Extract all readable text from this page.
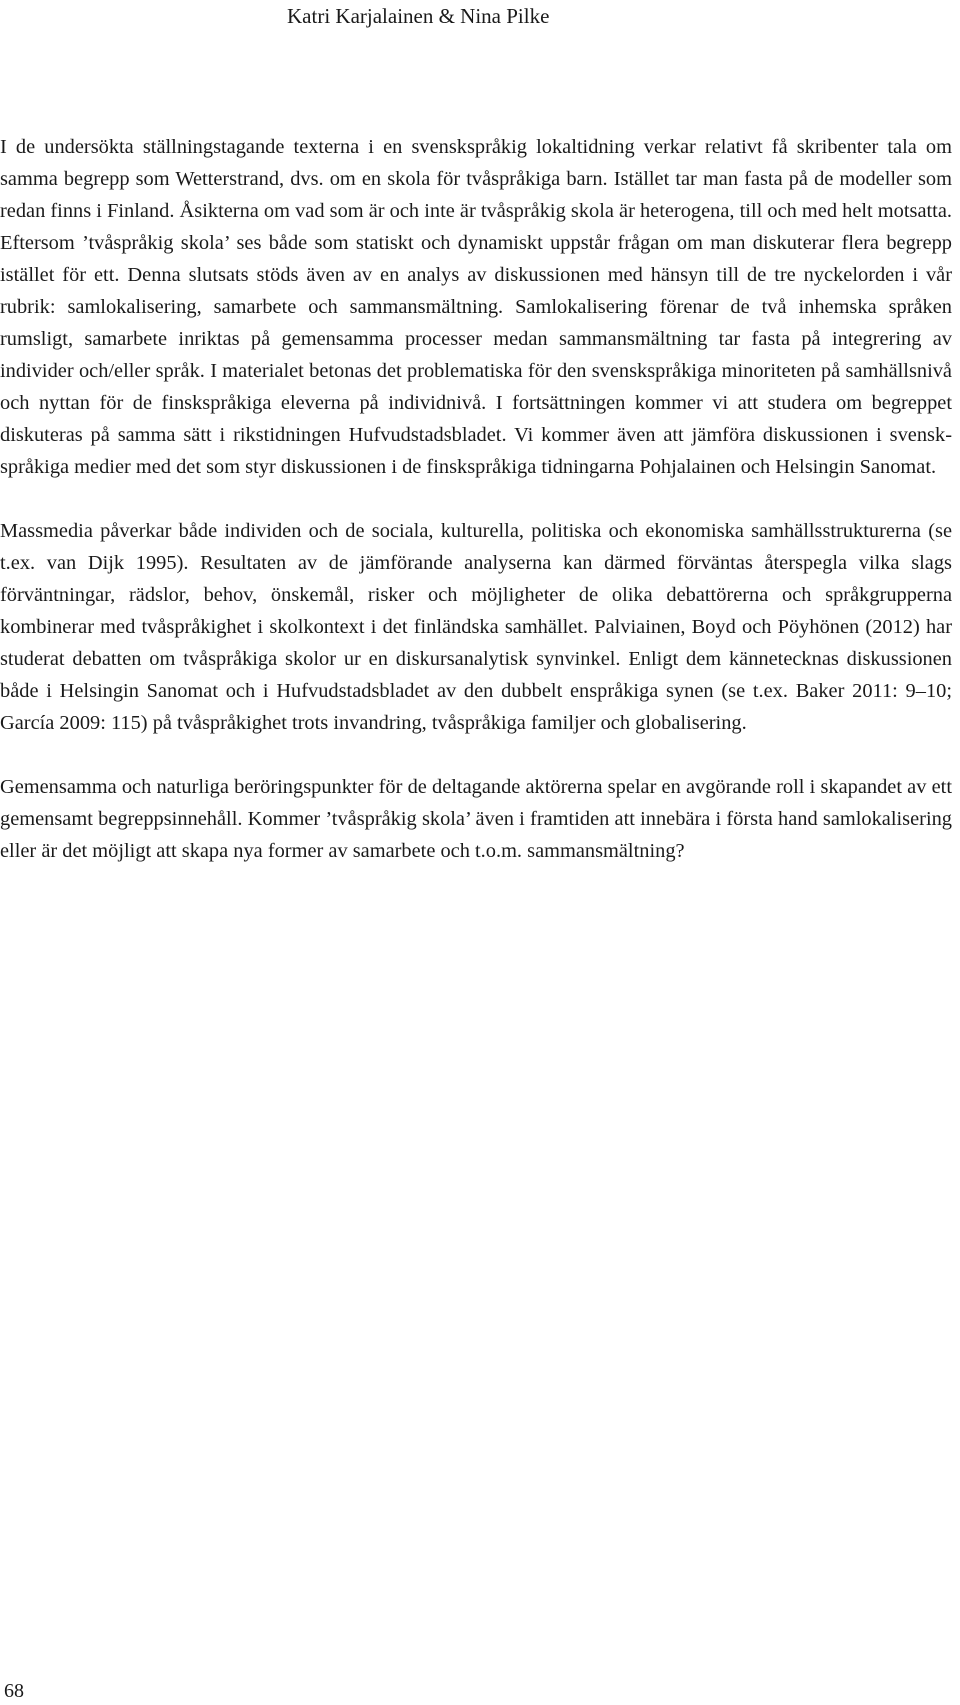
Katri Karjalainen & Nina Pilke

I de undersökta ställningstagande texterna i en svenskspråkig lokaltidning verkar relativt få skribenter tala om samma begrepp som Wetterstrand, dvs. om en skola för tvåspråkiga barn. Istället tar man fasta på de modeller som redan finns i Finland. Åsikterna om vad som är och inte är tvåspråkig skola är heterogena, till och med helt motsatta. Eftersom ’tvåspråkig skola’ ses både som statiskt och dynamiskt uppstår frågan om man diskuterar flera begrepp istället för ett. Denna slutsats stöds även av en analys av diskussionen med hänsyn till de tre nyckelorden i vår rubrik: samlokalisering, samarbete och sammansmältning. Samlokalisering förenar de två inhemska språken rumsligt, samarbete inriktas på gemensamma processer medan sammansmältning tar fasta på integrering av individer och/eller språk. I materialet betonas det problematiska för den svenskspråkiga minoriteten på samhällsnivå och nyttan för de finskspråkiga eleverna på individnivå. I fortsättningen kommer vi att studera om begreppet diskuteras på samma sätt i rikstidningen Hufvudstadsbladet. Vi kommer även att jämföra diskussionen i svenskspråkiga medier med det som styr diskussionen i de finskspråkiga tidningarna Pohjalainen och Helsingin Sanomat.

Massmedia påverkar både individen och de sociala, kulturella, politiska och ekonomiska samhällsstrukturerna (se t.ex. van Dijk 1995). Resultaten av de jämförande analyserna kan därmed förväntas återspegla vilka slags förväntningar, rädslor, behov, önskemål, risker och möjligheter de olika debattörerna och språkgrupperna kombinerar med tvåspråkighet i skolkontext i det finländska samhället. Palviainen, Boyd och Pöyhönen (2012) har studerat debatten om tvåspråkiga skolor ur en diskursanalytisk synvinkel. Enligt dem kännetecknas diskussionen både i Helsingin Sanomat och i Hufvudstadsbladet av den dubbelt enspråkiga synen (se t.ex. Baker 2011: 9–10; García 2009: 115) på tvåspråkighet trots invandring, tvåspråkiga familjer och globalisering.

Gemensamma och naturliga beröringspunkter för de deltagande aktörerna spelar en avgörande roll i skapandet av ett gemensamt begreppsinnehåll. Kommer ’tvåspråkig skola’ även i framtiden att innebära i första hand samlokalisering eller är det möjligt att skapa nya former av samarbete och t.o.m. sammansmältning?

68
